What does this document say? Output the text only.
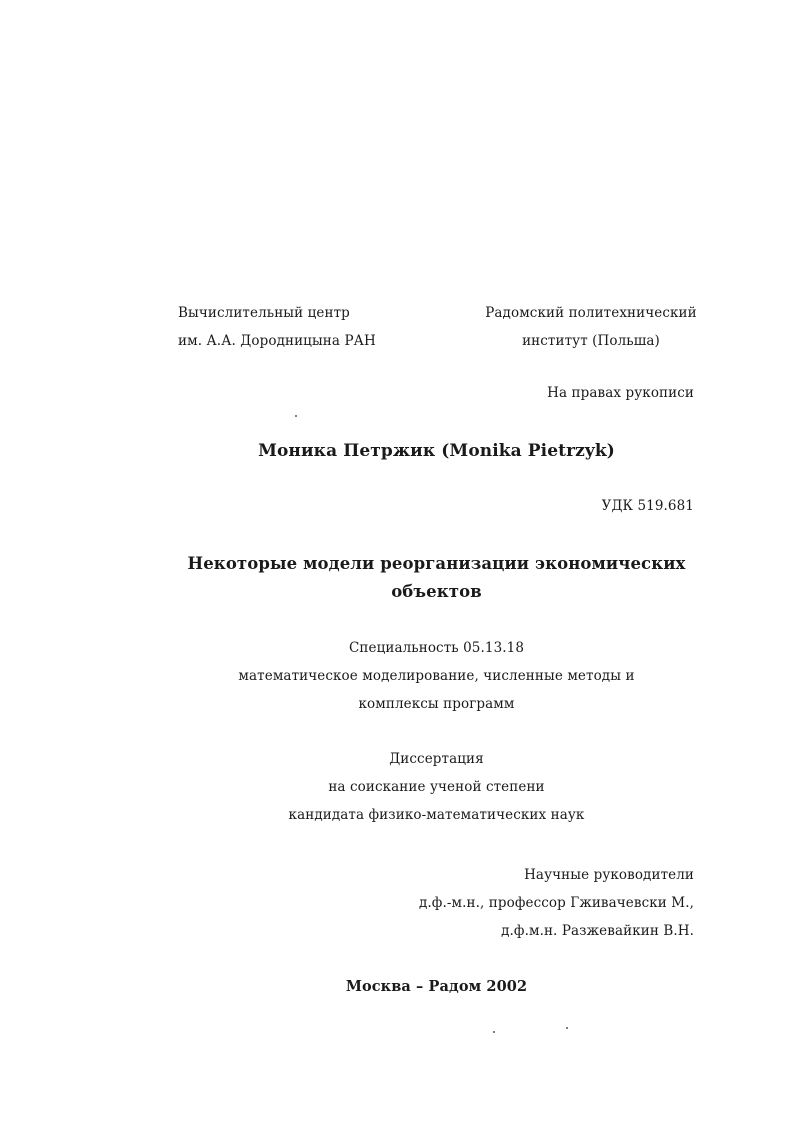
Вычислительный центр
им. А.А. Дородницына РАН
Радомский политехнический
институт (Польша)
На правах рукописи
Моника Петржик (Monika Pietrzyk)
УДК 519.681
Некоторые модели реорганизации экономических
объектов
Специальность 05.13.18
математическое моделирование, численные методы и
комплексы программ
Диссертация
на соискание ученой степени
кандидата физико-математических наук
Научные руководители
д.ф.-м.н., профессор Гживачевски М.,
д.ф.м.н. Разжевайкин В.Н.
Москва – Радом 2002
